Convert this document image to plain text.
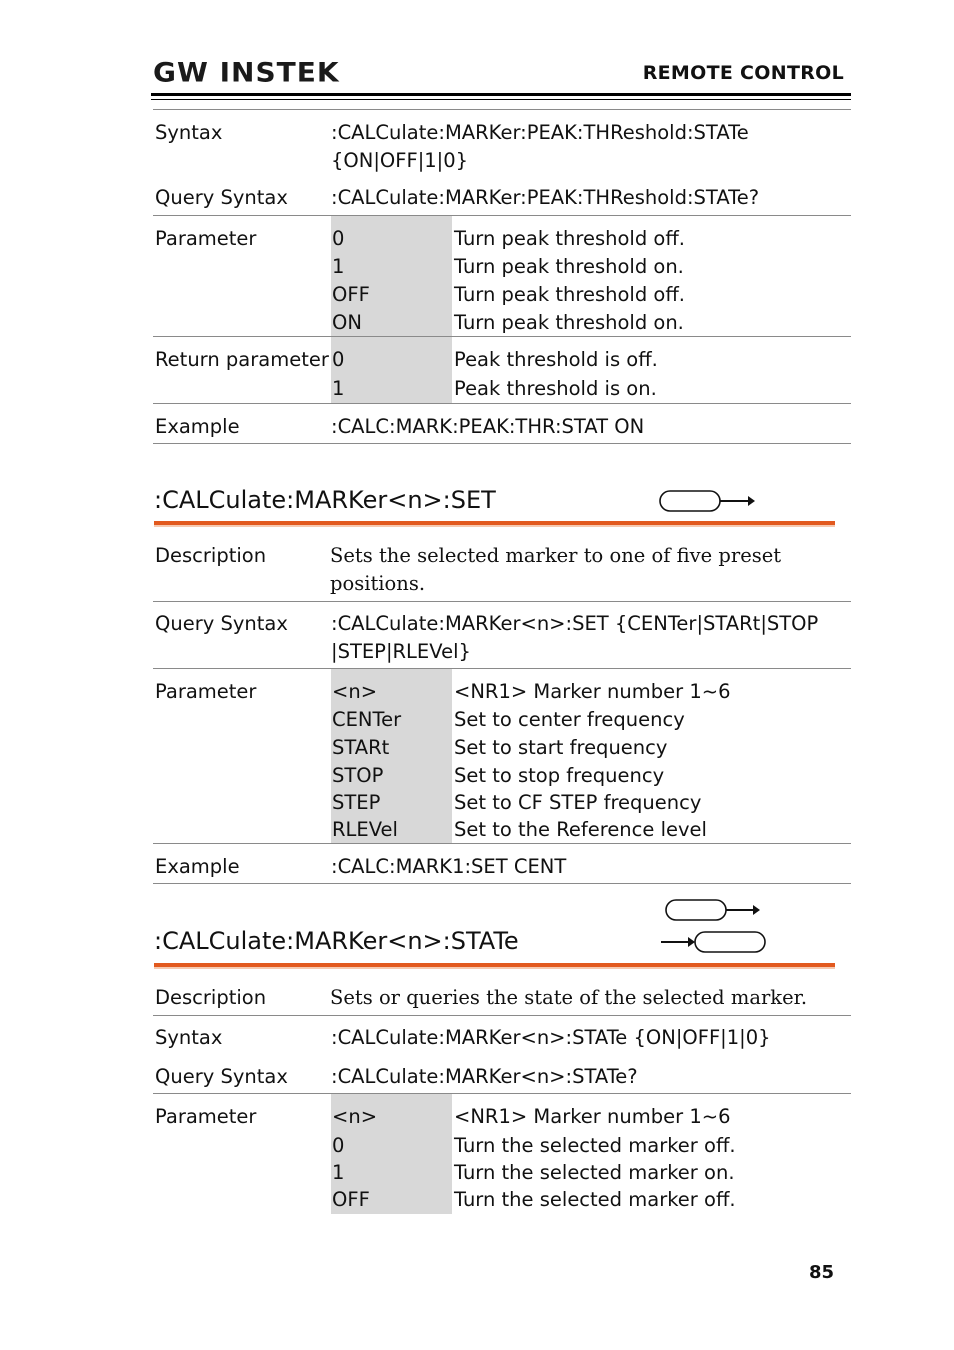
GW INSTEK	REMOTE CONTROL
Syntax	:CALCulate:MARKer:PEAK:THReshold:STATe
{ON|OFF|1|0}
Query Syntax :CALCulate:MARKer:PEAK:THReshold:STATe?
Parameter	0	Turn peak threshold off.
1	Turn peak threshold on.
OFF	Turn peak threshold off.
ON	Turn peak threshold on.
Return parameter 0	Peak threshold is off.
1	Peak threshold is on.
Example	:CALC:MARK:PEAK:THR:STAT ON
:CALCulate:MARKer<n>:SET
Description	Sets the selected marker to one of five preset
positions.
Query Syntax :CALCulate:MARKer<n>:SET {CENTer|STARt|STOP
|STEP|RLEVel}
Parameter	<n>	<NR1> Marker number 1~6
CENTer	Set to center frequency
STARt	Set to start frequency
STOP	Set to stop frequency
STEP	Set to CF STEP frequency
RLEVel	Set to the Reference level
Example	:CALC:MARK1:SET CENT
:CALCulate:MARKer<n>:STATe
Description	Sets or queries the state of the selected marker.
Syntax	:CALCulate:MARKer<n>:STATe {ON|OFF|1|0}
Query Syntax :CALCulate:MARKer<n>:STATe?
Parameter	<n>	<NR1> Marker number 1~6
0	Turn the selected marker off.
1	Turn the selected marker on.
OFF	Turn the selected marker off.
85
